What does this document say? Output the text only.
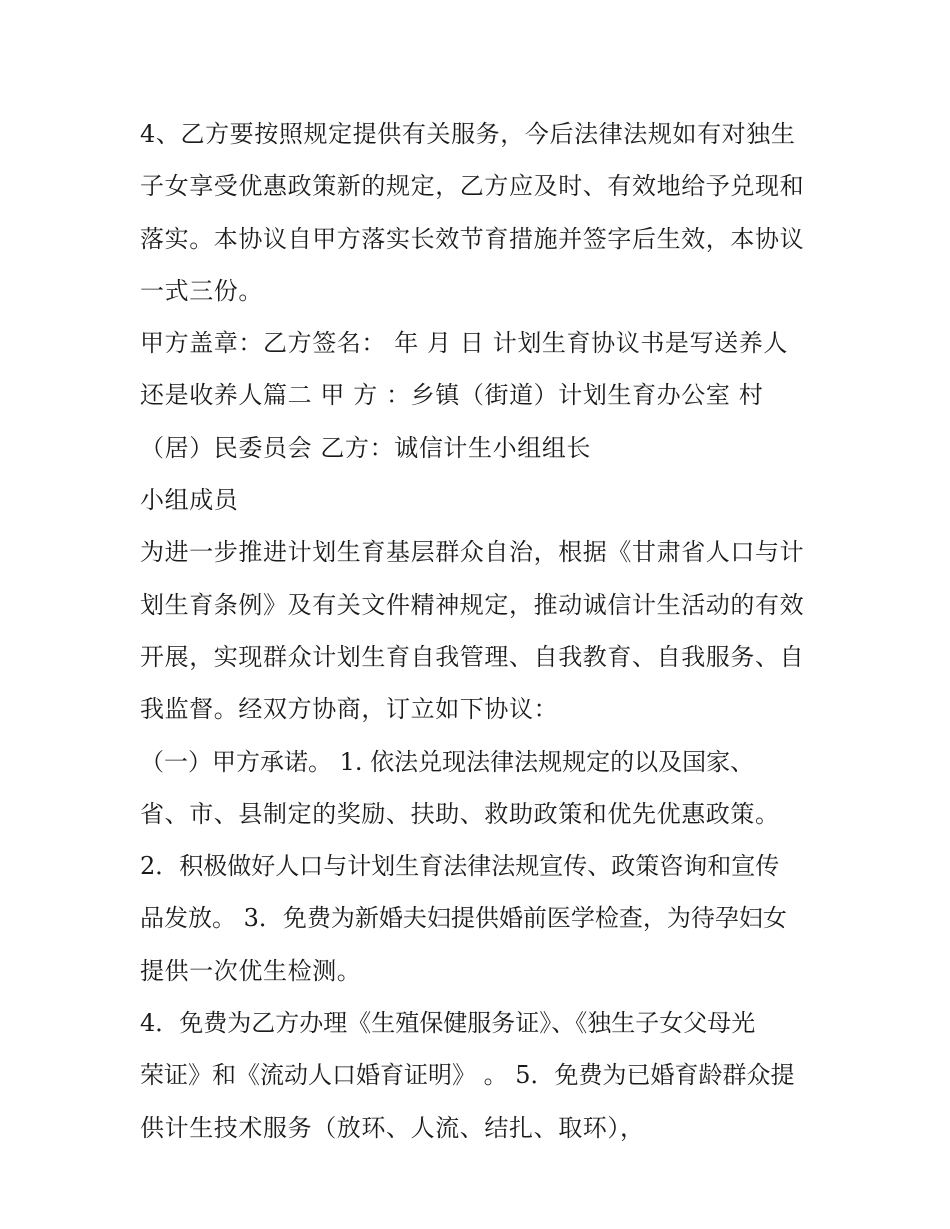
4、乙方要按照规定提供有关服务，今后法律法规如有对独生
子女享受优惠政策新的规定，乙方应及时、有效地给予兑现和
落实。本协议自甲方落实长效节育措施并签字后生效，本协议
一式三份。
甲方盖章：乙方签名： 年 月 日 计划生育协议书是写送养人
还是收养人篇二 甲 方 ：乡镇（街道）计划生育办公室 村
（居）民委员会 乙方：诚信计生小组组长
小组成员
为进一步推进计划生育基层群众自治，根据《甘肃省人口与计
划生育条例》及有关文件精神规定，推动诚信计生活动的有效
开展，实现群众计划生育自我管理、自我教育、自我服务、自
我监督。经双方协商，订立如下协议：
（一）甲方承诺。 1. 依法兑现法律法规规定的以及国家、
省、市、县制定的奖励、扶助、救助政策和优先优惠政策。
2．积极做好人口与计划生育法律法规宣传、政策咨询和宣传
品发放。 3．免费为新婚夫妇提供婚前医学检查，为待孕妇女
提供一次优生检测。
4．免费为乙方办理《生殖保健服务证》、《独生子女父母光
荣证》和《流动人口婚育证明》 。 5．免费为已婚育龄群众提
供计生技术服务（放环、人流、结扎、取环），
